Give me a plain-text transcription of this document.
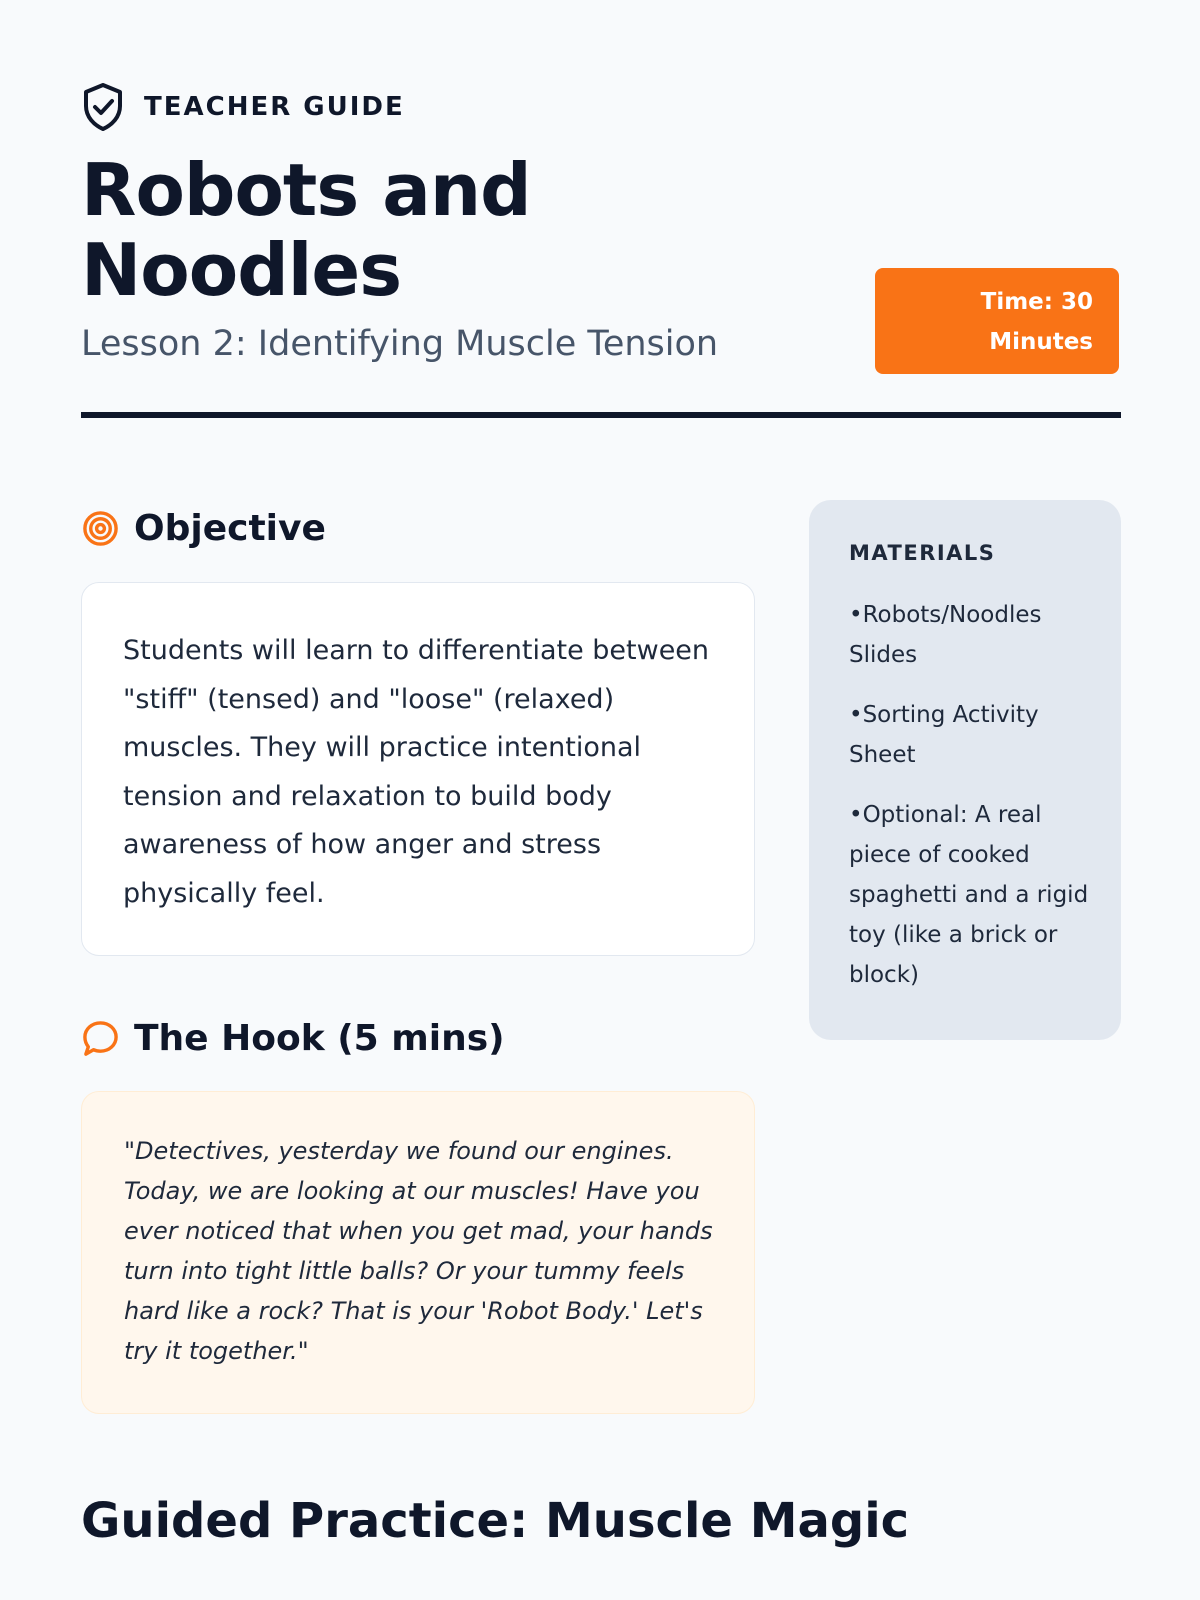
TEACHER GUIDE
Robots and Noodles
Lesson 2: Identifying Muscle Tension
Time: 30 Minutes
Objective

Students will learn to differentiate between "stiff" (tensed) and "loose" (relaxed) muscles. They will practice intentional tension and relaxation to build body awareness of how anger and stress physically feel.

The Hook (5 mins)

"Detectives, yesterday we found our engines. Today, we are looking at our muscles! Have you ever noticed that when you get mad, your hands turn into tight little balls? Or your tummy feels hard like a rock? That is your 'Robot Body.' Let's try it together."

MATERIALS
• Robots/Noodles Slides
• Sorting Activity Sheet
• Optional: A real piece of cooked spaghetti and a rigid toy (like a brick or block)
Guided Practice: Muscle Magic
